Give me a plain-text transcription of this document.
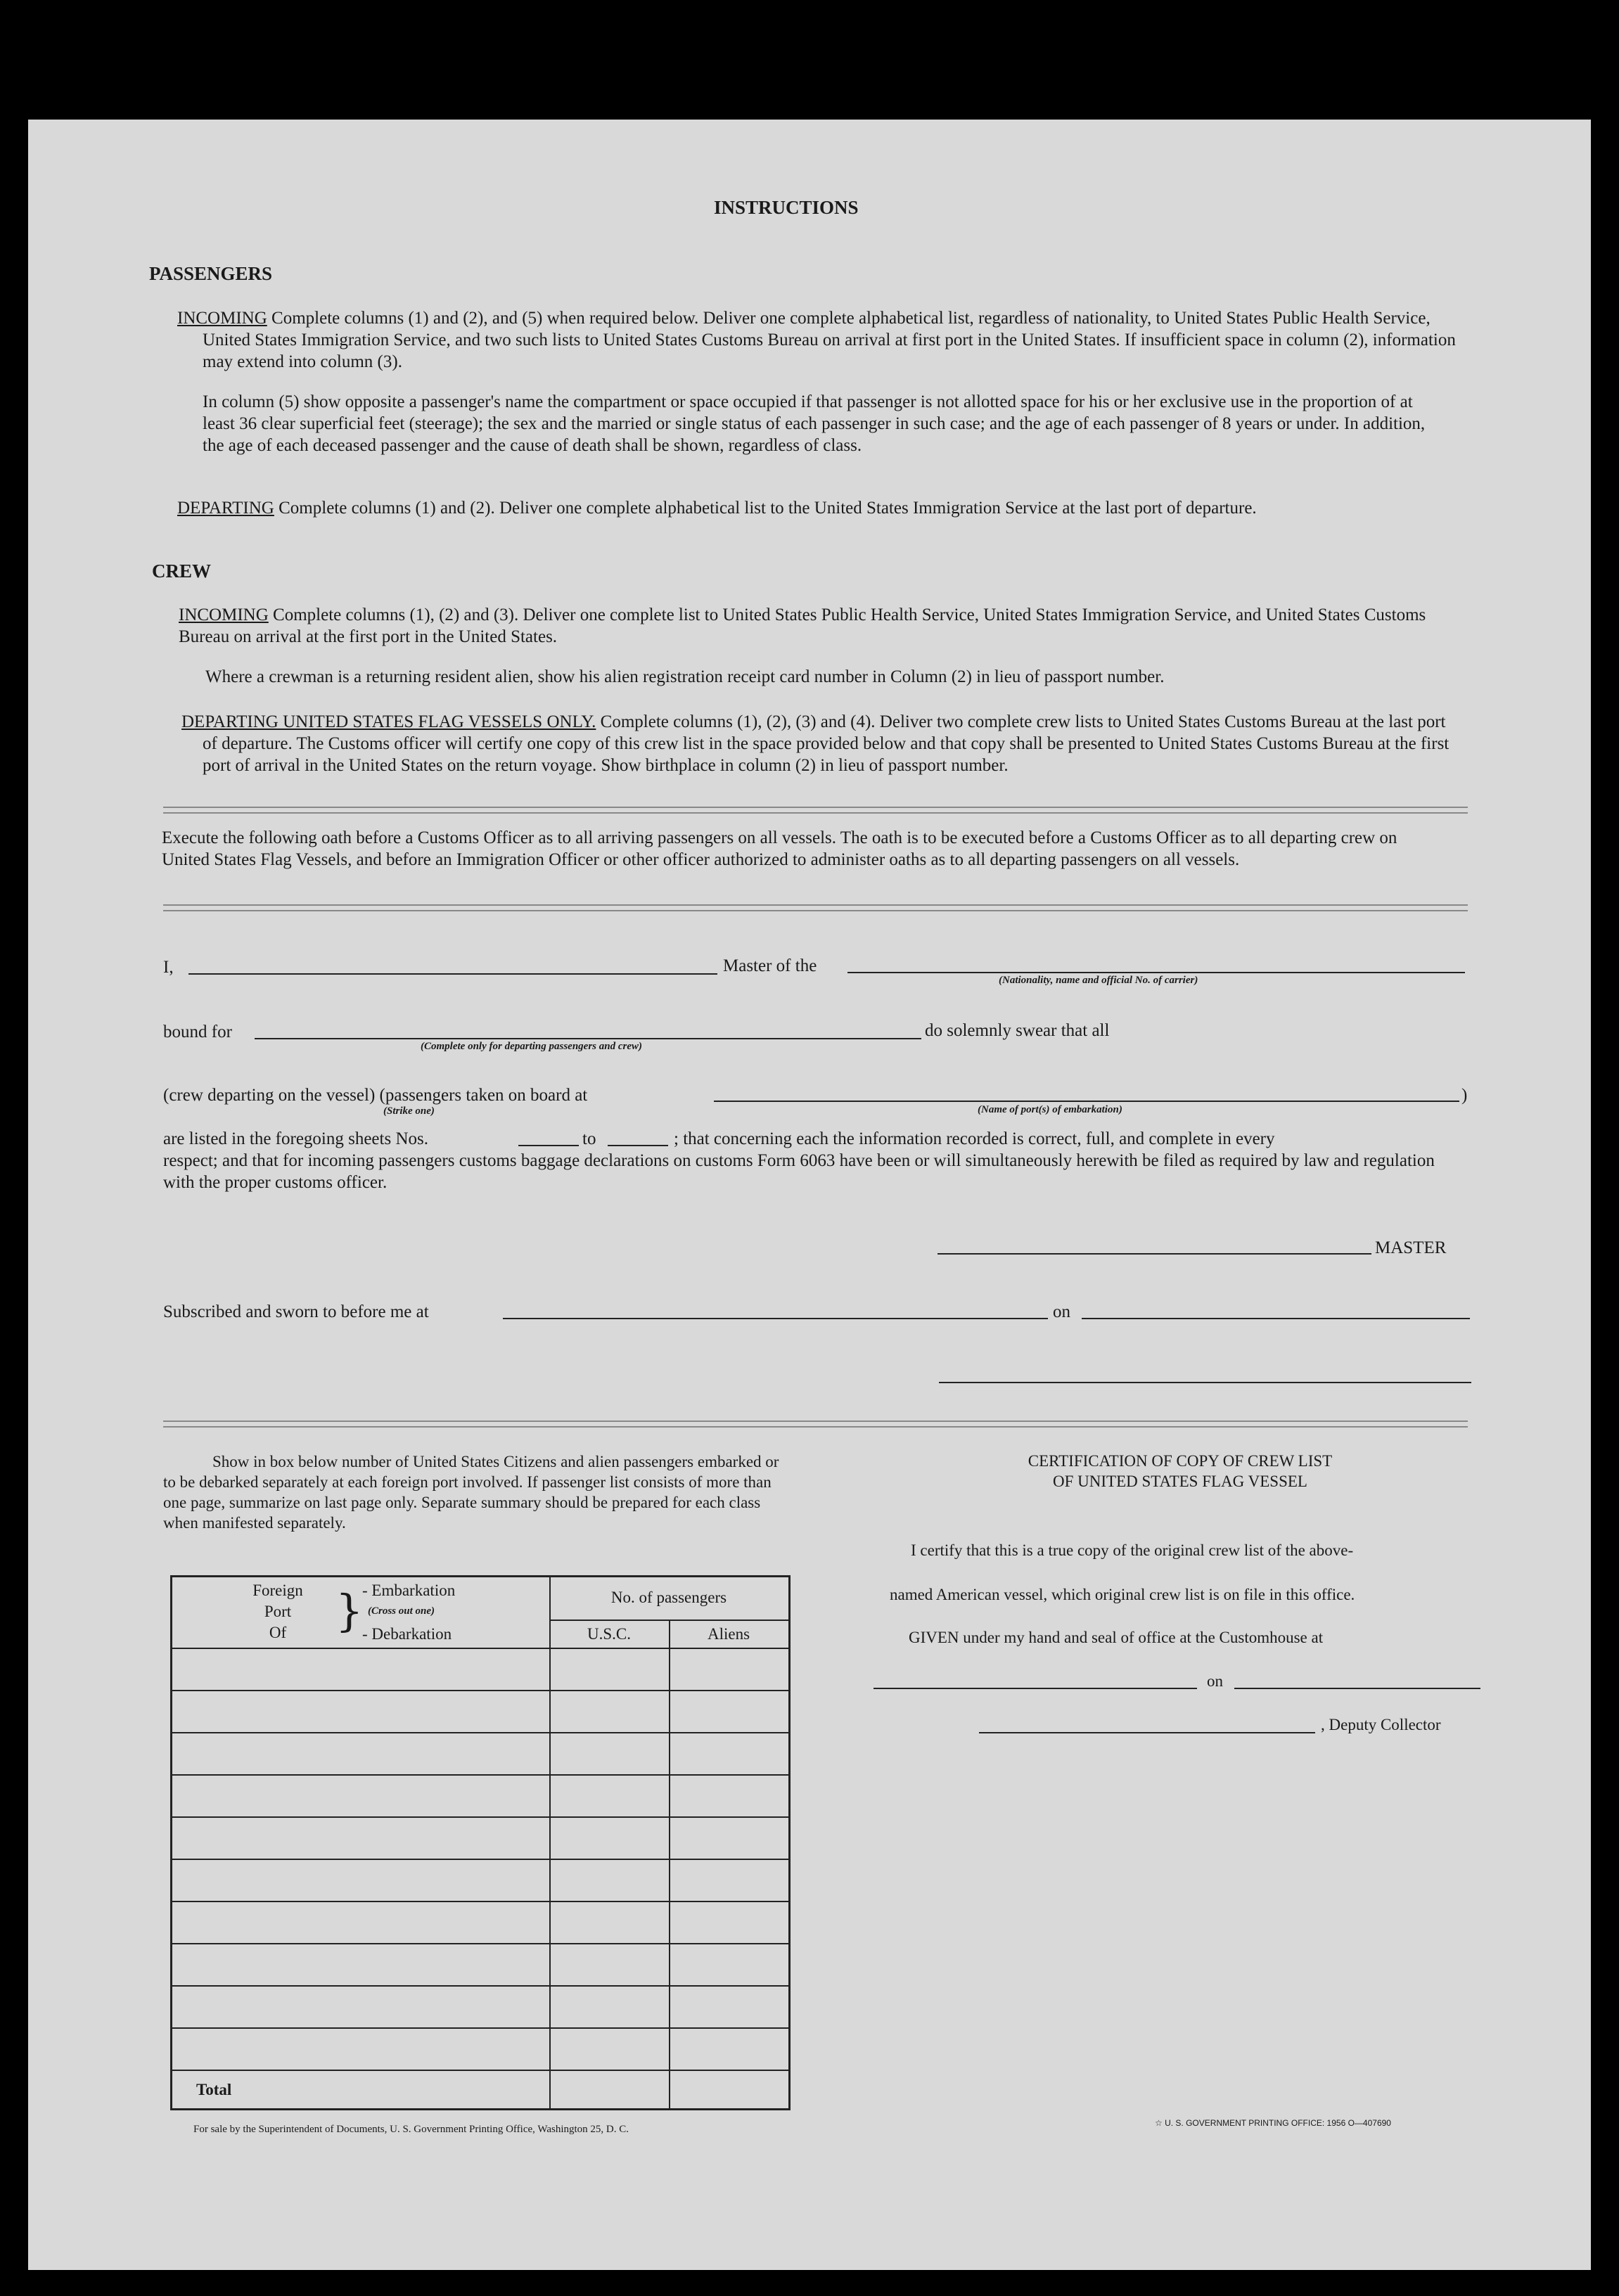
INSTRUCTIONS
PASSENGERS
INCOMING Complete columns (1) and (2), and (5) when required below. Deliver one complete alphabetical list, regardless of nationality, to United States Public Health Service, United States Immigration Service, and two such lists to United States Customs Bureau on arrival at first port in the United States. If insufficient space in column (2), information may extend into column (3).
In column (5) show opposite a passenger's name the compartment or space occupied if that passenger is not allotted space for his or her exclusive use in the proportion of at least 36 clear superficial feet (steerage); the sex and the married or single status of each passenger in such case; and the age of each passenger of 8 years or under. In addition, the age of each deceased passenger and the cause of death shall be shown, regardless of class.
DEPARTING Complete columns (1) and (2). Deliver one complete alphabetical list to the United States Immigration Service at the last port of departure.
CREW
INCOMING Complete columns (1), (2) and (3). Deliver one complete list to United States Public Health Service, United States Immigration Service, and United States Customs Bureau on arrival at the first port in the United States.
Where a crewman is a returning resident alien, show his alien registration receipt card number in Column (2) in lieu of passport number.
DEPARTING UNITED STATES FLAG VESSELS ONLY. Complete columns (1), (2), (3) and (4). Deliver two complete crew lists to United States Customs Bureau at the last port of departure. The Customs officer will certify one copy of this crew list in the space provided below and that copy shall be presented to United States Customs Bureau at the first port of arrival in the United States on the return voyage. Show birthplace in column (2) in lieu of passport number.
Execute the following oath before a Customs Officer as to all arriving passengers on all vessels. The oath is to be executed before a Customs Officer as to all departing crew on United States Flag Vessels, and before an Immigration Officer or other officer authorized to administer oaths as to all departing passengers on all vessels.
I,	Master of the
(Nationality, name and official No. of carrier)
bound for
(Complete only for departing passengers and crew)
do solemnly swear that all
(crew departing on the vessel) (passengers taken on board at
(Strike one)	(Name of port(s) of embarkation)
)
are listed in the foregoing sheets Nos.	to	; that concerning each the information recorded is correct, full, and complete in every
respect; and that for incoming passengers customs baggage declarations on customs Form 6063 have been or will simultaneously herewith be filed as required by law and regulation with the proper customs officer.
MASTER
Subscribed and sworn to before me at	on
Show in box below number of United States Citizens and alien passengers embarked or to be debarked separately at each foreign port involved. If passenger list consists of more than one page, summarize on last page only. Separate summary should be prepared for each class when manifested separately.
Foreign
Port
Of	}
- Embarkation
(Cross out one)
- Debarkation
No. of passengers
U.S.C.	Aliens
Total
CERTIFICATION OF COPY OF CREW LIST
OF UNITED STATES FLAG VESSEL
I certify that this is a true copy of the original crew list of the above-
named American vessel, which original crew list is on file in this office.
GIVEN under my hand and seal of office at the Customhouse at
on
, Deputy Collector
For sale by the Superintendent of Documents, U. S. Government Printing Office, Washington 25, D. C.
☆ U. S. GOVERNMENT PRINTING OFFICE: 1956 O—407690
